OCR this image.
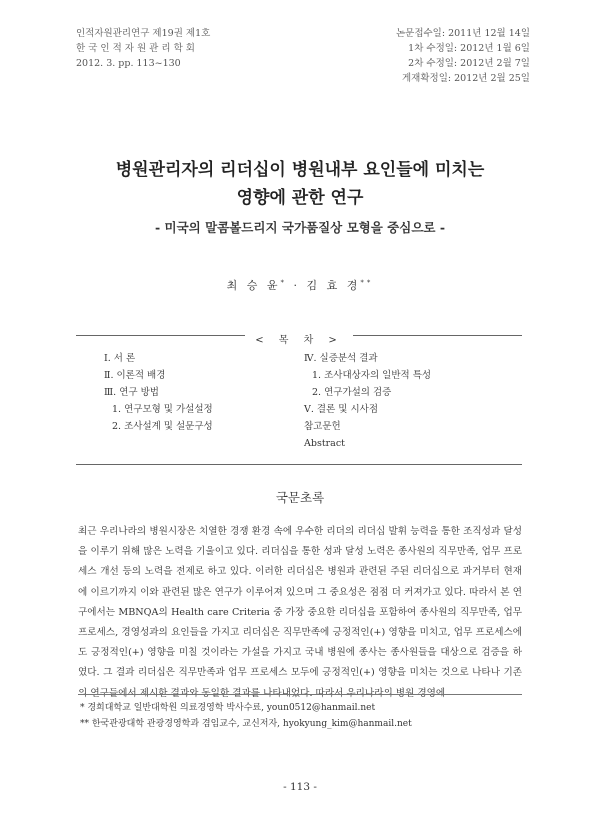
인적자원관리연구 제19권 제1호
한 국 인 적 자 원 관 리 학 회
2012. 3. pp. 113~130
논문접수일: 2011년 12월 14일
1차 수정일: 2012년 1월 6일
2차 수정일: 2012년 2월 7일
게재확정일: 2012년 2월 25일
병원관리자의 리더십이 병원내부 요인들에 미치는
영향에 관한 연구
- 미국의 말콤볼드리지 국가품질상 모형을 중심으로 -
최 승 윤* · 김 효 경**
< 목 차 >
Ⅰ. 서 론
Ⅱ. 이론적 배경
Ⅲ. 연구 방법
1. 연구모형 및 가설설정
2. 조사설계 및 설문구성
Ⅳ. 실증분석 결과
1. 조사대상자의 일반적 특성
2. 연구가설의 검증
Ⅴ. 결론 및 시사점
참고문헌
Abstract
국문초록
최근 우리나라의 병원시장은 치열한 경쟁 환경 속에 우수한 리더의 리더십 발휘 능력을 통한 조직성과 달성을 이루기 위해 많은 노력을 기울이고 있다. 리더십을 통한 성과 달성 노력은 종사원의 직무만족, 업무 프로세스 개선 등의 노력을 전제로 하고 있다. 이러한 리더십은 병원과 관련된 주된 리더십으로 과거부터 현재에 이르기까지 이와 관련된 많은 연구가 이루어져 있으며 그 중요성은 점점 더 커져가고 있다. 따라서 본 연구에서는 MBNQA의 Health care Criteria 중 가장 중요한 리더십을 포함하여 종사원의 직무만족, 업무 프로세스, 경영성과의 요인들을 가지고 리더십은 직무만족에 긍정적인(+) 영향을 미치고, 업무 프로세스에도 긍정적인(+) 영향을 미칠 것이라는 가설을 가지고 국내 병원에 종사는 종사원들을 대상으로 검증을 하였다. 그 결과 리더십은 직무만족과 업무 프로세스 모두에 긍정적인(+) 영향을 미치는 것으로 나타나 기존의 연구들에서 제시한 결과와 동일한 결과를 나타내었다. 따라서 우리나라의 병원 경영에
* 경희대학교 일반대학원 의료경영학 박사수료, youn0512@hanmail.net
** 한국관광대학 관광경영학과 겸임교수, 교신저자, hyokyung_kim@hanmail.net
- 113 -
